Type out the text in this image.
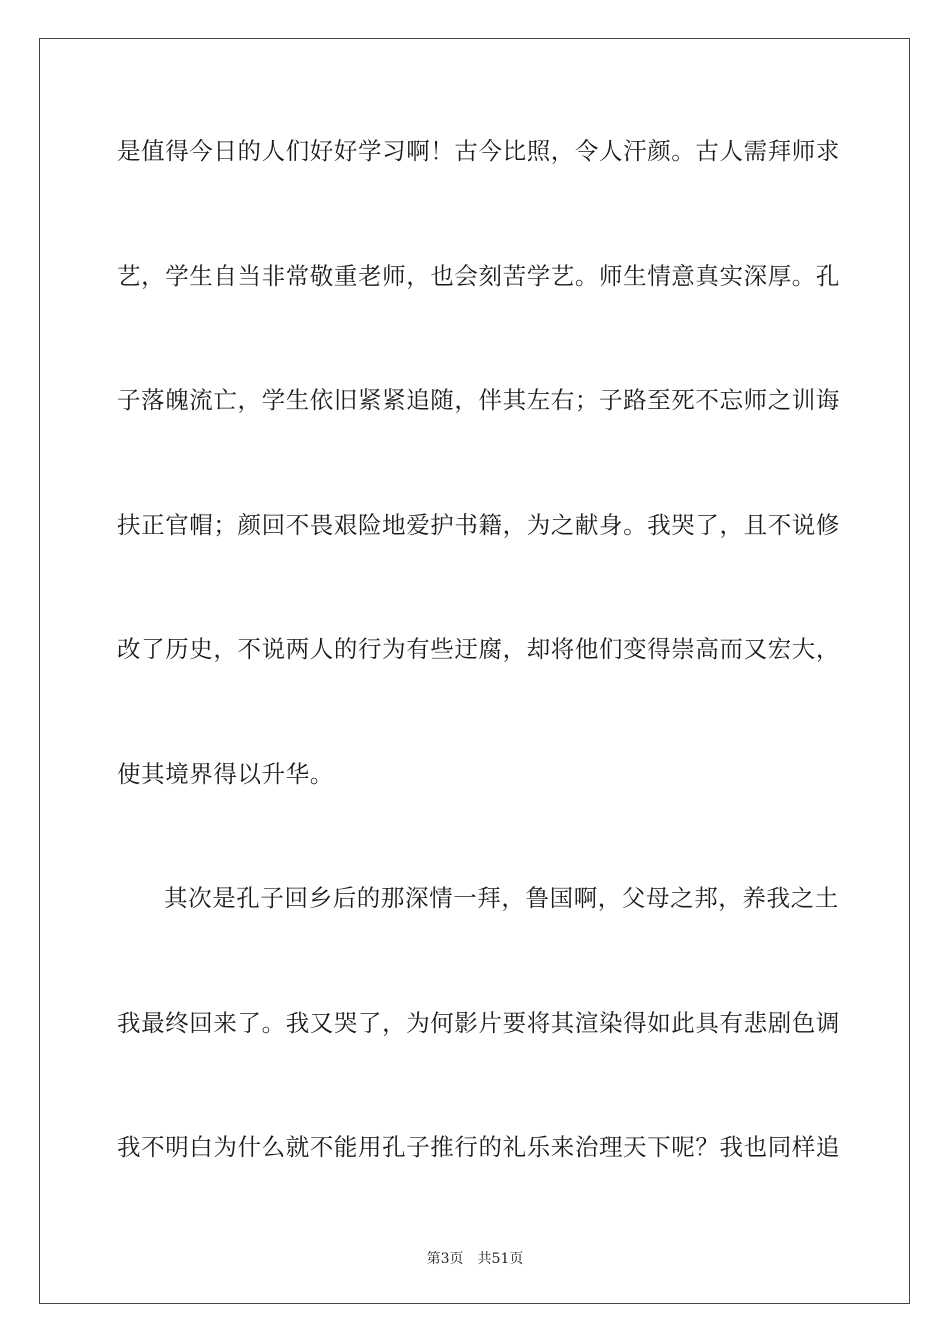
是值得今日的人们好好学习啊！古今比照，令人汗颜。古人需拜师求
艺，学生自当非常敬重老师，也会刻苦学艺。师生情意真实深厚。孔
子落魄流亡，学生依旧紧紧追随，伴其左右；子路至死不忘师之训诲
扶正官帽；颜回不畏艰险地爱护书籍，为之献身。我哭了，且不说修
改了历史，不说两人的行为有些迂腐，却将他们变得崇高而又宏大，
使其境界得以升华。
其次是孔子回乡后的那深情一拜，鲁国啊，父母之邦，养我之土
我最终回来了。我又哭了，为何影片要将其渲染得如此具有悲剧色调
我不明白为什么就不能用孔子推行的礼乐来治理天下呢？我也同样追
第3页 共51页
